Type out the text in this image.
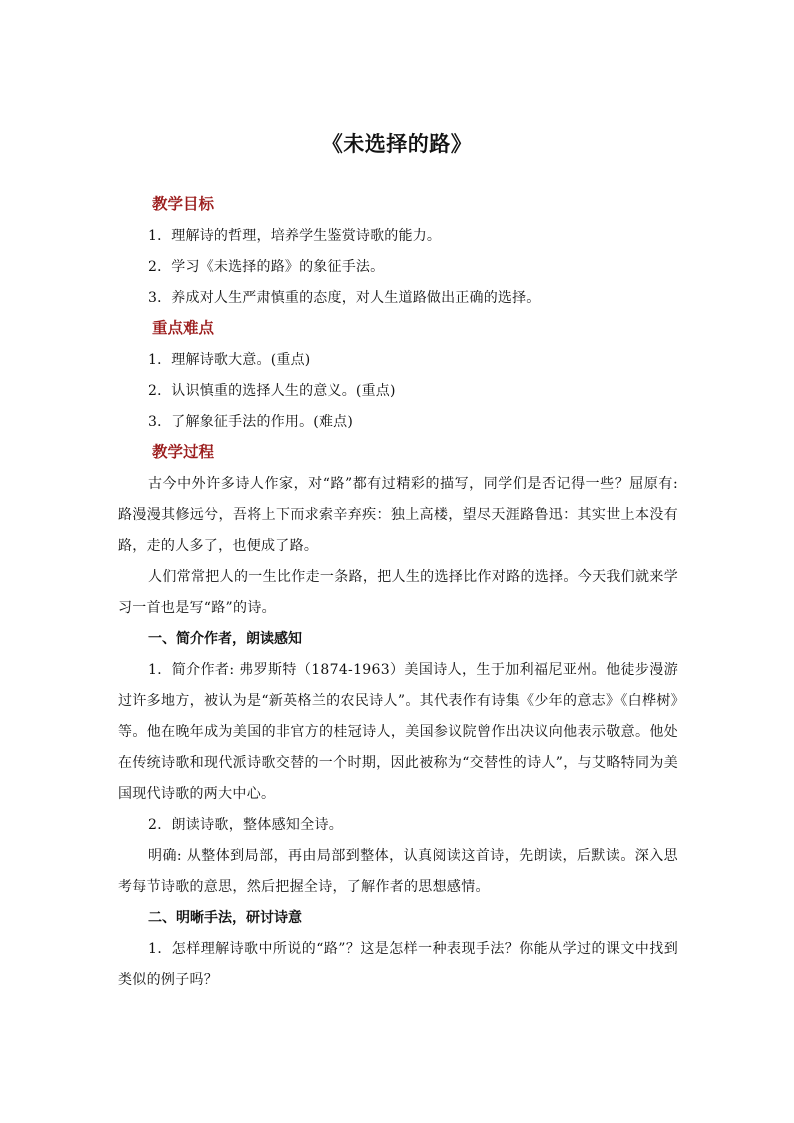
《未选择的路》
教学目标
1．理解诗的哲理，培养学生鉴赏诗歌的能力。
2．学习《未选择的路》的象征手法。
3．养成对人生严肃慎重的态度，对人生道路做出正确的选择。
重点难点
1．理解诗歌大意。(重点)
2．认识慎重的选择人生的意义。(重点)
3．了解象征手法的作用。(难点)
教学过程

古今中外许多诗人作家，对“路”都有过精彩的描写，同学们是否记得一些？屈原有: 路漫漫其修远兮，吾将上下而求索辛弃疾：独上高楼，望尽天涯路鲁迅：其实世上本没有路，走的人多了，也便成了路。

人们常常把人的一生比作走一条路，把人生的选择比作对路的选择。今天我们就来学习一首也是写“路”的诗。

一、简介作者，朗读感知

1．简介作者: 弗罗斯特（1874-1963）美国诗人，生于加利福尼亚州。他徒步漫游过许多地方，被认为是“新英格兰的农民诗人”。其代表作有诗集《少年的意志》《白桦树》等。他在晚年成为美国的非官方的桂冠诗人，美国参议院曾作出决议向他表示敬意。他处在传统诗歌和现代派诗歌交替的一个时期，因此被称为“交替性的诗人”，与艾略特同为美国现代诗歌的两大中心。

2．朗读诗歌，整体感知全诗。

明确: 从整体到局部，再由局部到整体，认真阅读这首诗，先朗读，后默读。深入思考每节诗歌的意思，然后把握全诗，了解作者的思想感情。

二、明晰手法，研讨诗意

1．怎样理解诗歌中所说的“路”？这是怎样一种表现手法？你能从学过的课文中找到类似的例子吗？
